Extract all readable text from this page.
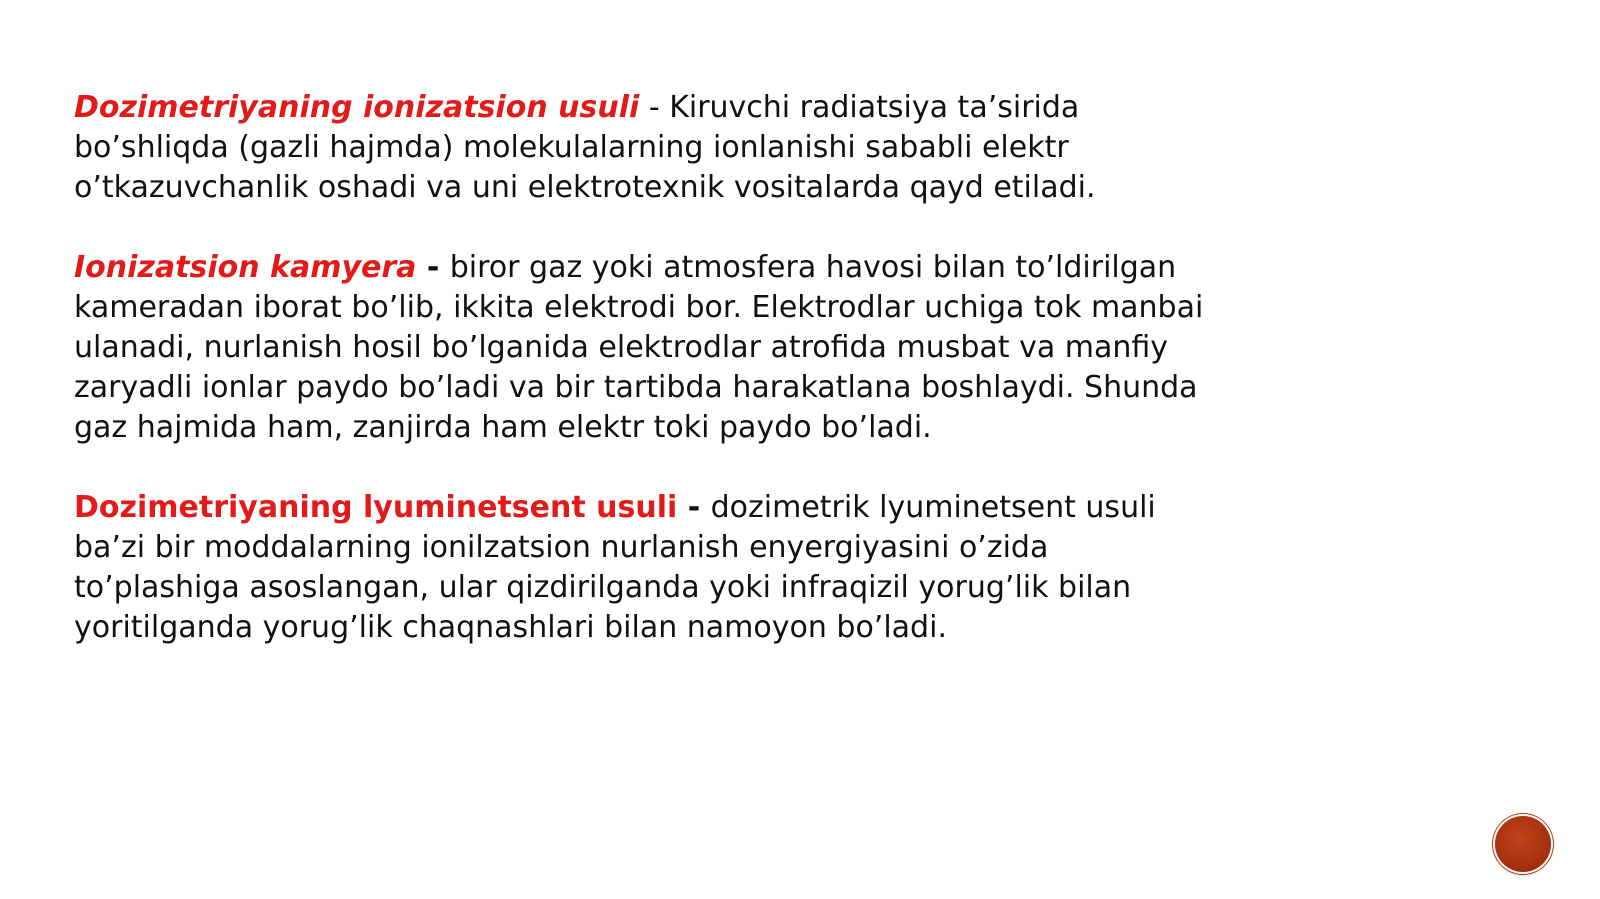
Dozimetriyaning ionizatsion usuli - Kiruvchi radiatsiya ta’sirida bo’shliqda (gazli hajmda) molekulalarning ionlanishi sababli elektr o’tkazuvchanlik oshadi va uni elektrotexnik vositalarda qayd etiladi.

Ionizatsion kamyera - biror gaz yoki atmosfera havosi bilan to’ldirilgan kameradan iborat bo’lib, ikkita elektrodi bor. Elektrodlar uchiga tok manbai ulanadi, nurlanish hosil bo’lganida elektrodlar atrofida musbat va manfiy zaryadli ionlar paydo bo’ladi va bir tartibda harakatlana boshlaydi. Shunda gaz hajmida ham, zanjirda ham elektr toki paydo bo’ladi.

Dozimetriyaning lyuminetsent usuli - dozimetrik lyuminetsent usuli ba’zi bir moddalarning ionilzatsion nurlanish enyergiyasini o’zida to’plashiga asoslangan, ular qizdirilganda yoki infraqizil yorug’lik bilan yoritilganda yorug’lik chaqnashlari bilan namoyon bo’ladi.
